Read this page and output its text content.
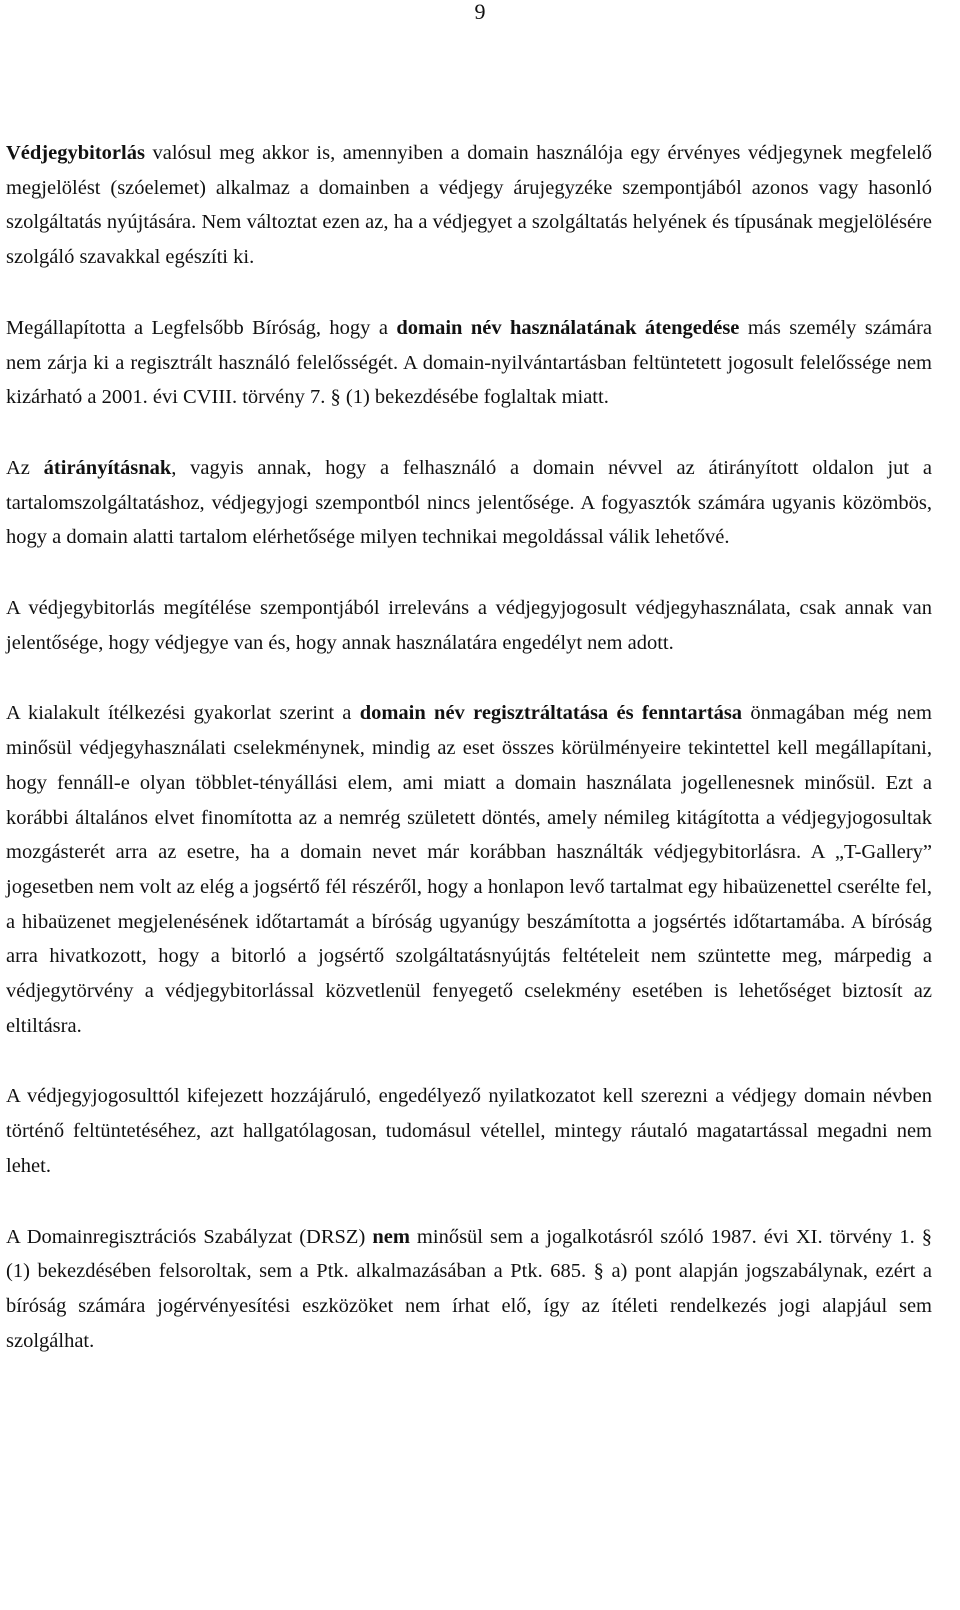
9

Védjegybitorlás valósul meg akkor is, amennyiben a domain használója egy érvényes védjegynek megfelelő megjelölést (szóelemet) alkalmaz a domainben a védjegy árujegyzéke szempontjából azonos vagy hasonló szolgáltatás nyújtására. Nem változtat ezen az, ha a védjegyet a szolgáltatás helyének és típusának megjelölésére szolgáló szavakkal egészíti ki.

Megállapította a Legfelsőbb Bíróság, hogy a domain név használatának átengedése más személy számára nem zárja ki a regisztrált használó felelősségét. A domain-nyilvántartásban feltüntetett jogosult felelőssége nem kizárható a 2001. évi CVIII. törvény 7. § (1) bekezdésébe foglaltak miatt.

Az átirányításnak, vagyis annak, hogy a felhasználó a domain névvel az átirányított oldalon jut a tartalomszolgáltatáshoz, védjegyjogi szempontból nincs jelentősége. A fogyasztók számára ugyanis közömbös, hogy a domain alatti tartalom elérhetősége milyen technikai megoldással válik lehetővé.

A védjegybitorlás megítélése szempontjából irreleváns a védjegyjogosult védjegyhasználata, csak annak van jelentősége, hogy védjegye van és, hogy annak használatára engedélyt nem adott.

A kialakult ítélkezési gyakorlat szerint a domain név regisztráltatása és fenntartása önmagában még nem minősül védjegyhasználati cselekménynek, mindig az eset összes körülményeire tekintettel kell megállapítani, hogy fennáll-e olyan többlet-tényállási elem, ami miatt a domain használata jogellenesnek minősül. Ezt a korábbi általános elvet finomította az a nemrég született döntés, amely némileg kitágította a védjegyjogosultak mozgásterét arra az esetre, ha a domain nevet már korábban használták védjegybitorlásra. A „T-Gallery” jogesetben nem volt az elég a jogsértő fél részéről, hogy a honlapon levő tartalmat egy hibaüzenettel cserélte fel, a hibaüzenet megjelenésének időtartamát a bíróság ugyanúgy beszámította a jogsértés időtartamába. A bíróság arra hivatkozott, hogy a bitorló a jogsértő szolgáltatásnyújtás feltételeit nem szüntette meg, márpedig a védjegytörvény a védjegybitorlással közvetlenül fenyegető cselekmény esetében is lehetőséget biztosít az eltiltásra.

A védjegyjogosulttól kifejezett hozzájáruló, engedélyező nyilatkozatot kell szerezni a védjegy domain névben történő feltüntetéséhez, azt hallgatólagosan, tudomásul vétellel, mintegy ráutaló magatartással megadni nem lehet.

A Domainregisztrációs Szabályzat (DRSZ) nem minősül sem a jogalkotásról szóló 1987. évi XI. törvény 1. § (1) bekezdésében felsoroltak, sem a Ptk. alkalmazásában a Ptk. 685. § a) pont alapján jogszabálynak, ezért a bíróság számára jogérvényesítési eszközöket nem írhat elő, így az ítéleti rendelkezés jogi alapjául sem szolgálhat.
